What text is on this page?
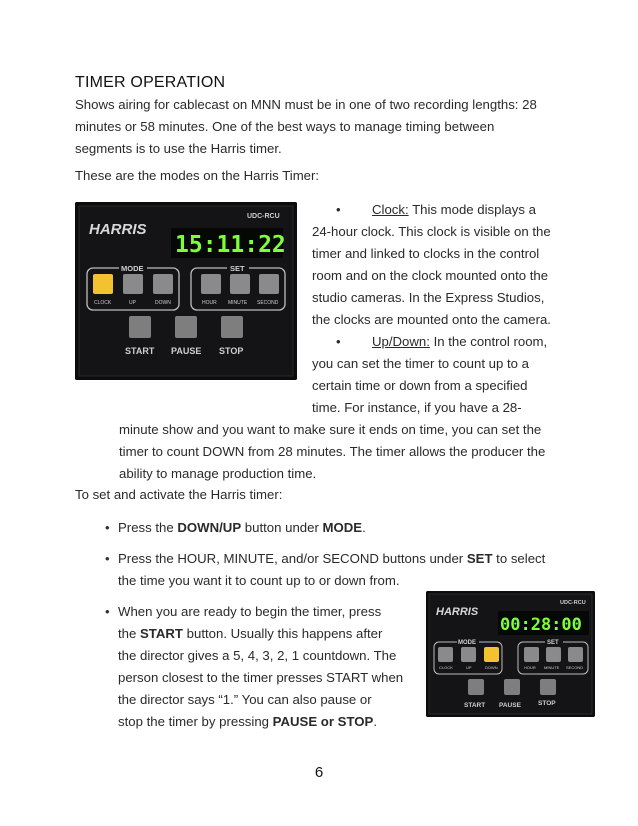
TIMER OPERATION
Shows airing for cablecast on MNN must be in one of two recording lengths: 28
minutes or 58 minutes. One of the best ways to manage timing between
segments is to use the Harris timer.
These are the modes on the Harris Timer:
HARRIS
UDC-RCU
15:11:22
MODE	SET
CLOCK	UP	DOWN	HOUR MINUTE SECOND
START PAUSE STOP
• Clock: This mode displays a
24-hour clock. This clock is visible on the
timer and linked to clocks in the control
room and on the clock mounted onto the
studio cameras. In the Express Studios,
the clocks are mounted onto the camera.
• Up/Down: In the control room,
you can set the timer to count up to a
certain time or down from a specified
time. For instance, if you have a 28-
minute show and you want to make sure it ends on time, you can set the
timer to count DOWN from 28 minutes. The timer allows the producer the
ability to manage production time.
To set and activate the Harris timer:
• Press the DOWN/UP button under MODE.
• Press the HOUR, MINUTE, and/or SECOND buttons under SET to select
the time you want it to count up to or down from.
• When you are ready to begin the timer, press
the START button. Usually this happens after
the director gives a 5, 4, 3, 2, 1 countdown. The
person closest to the timer presses START when
the director says “1.” You can also pause or
stop the timer by pressing PAUSE or STOP.
HARRIS
UDC-RCU
00:28:00
MODE	SET
CLOCK	UP	DOWN	HOUR MINUTE SECOND
START PAUSE	STOP
6
